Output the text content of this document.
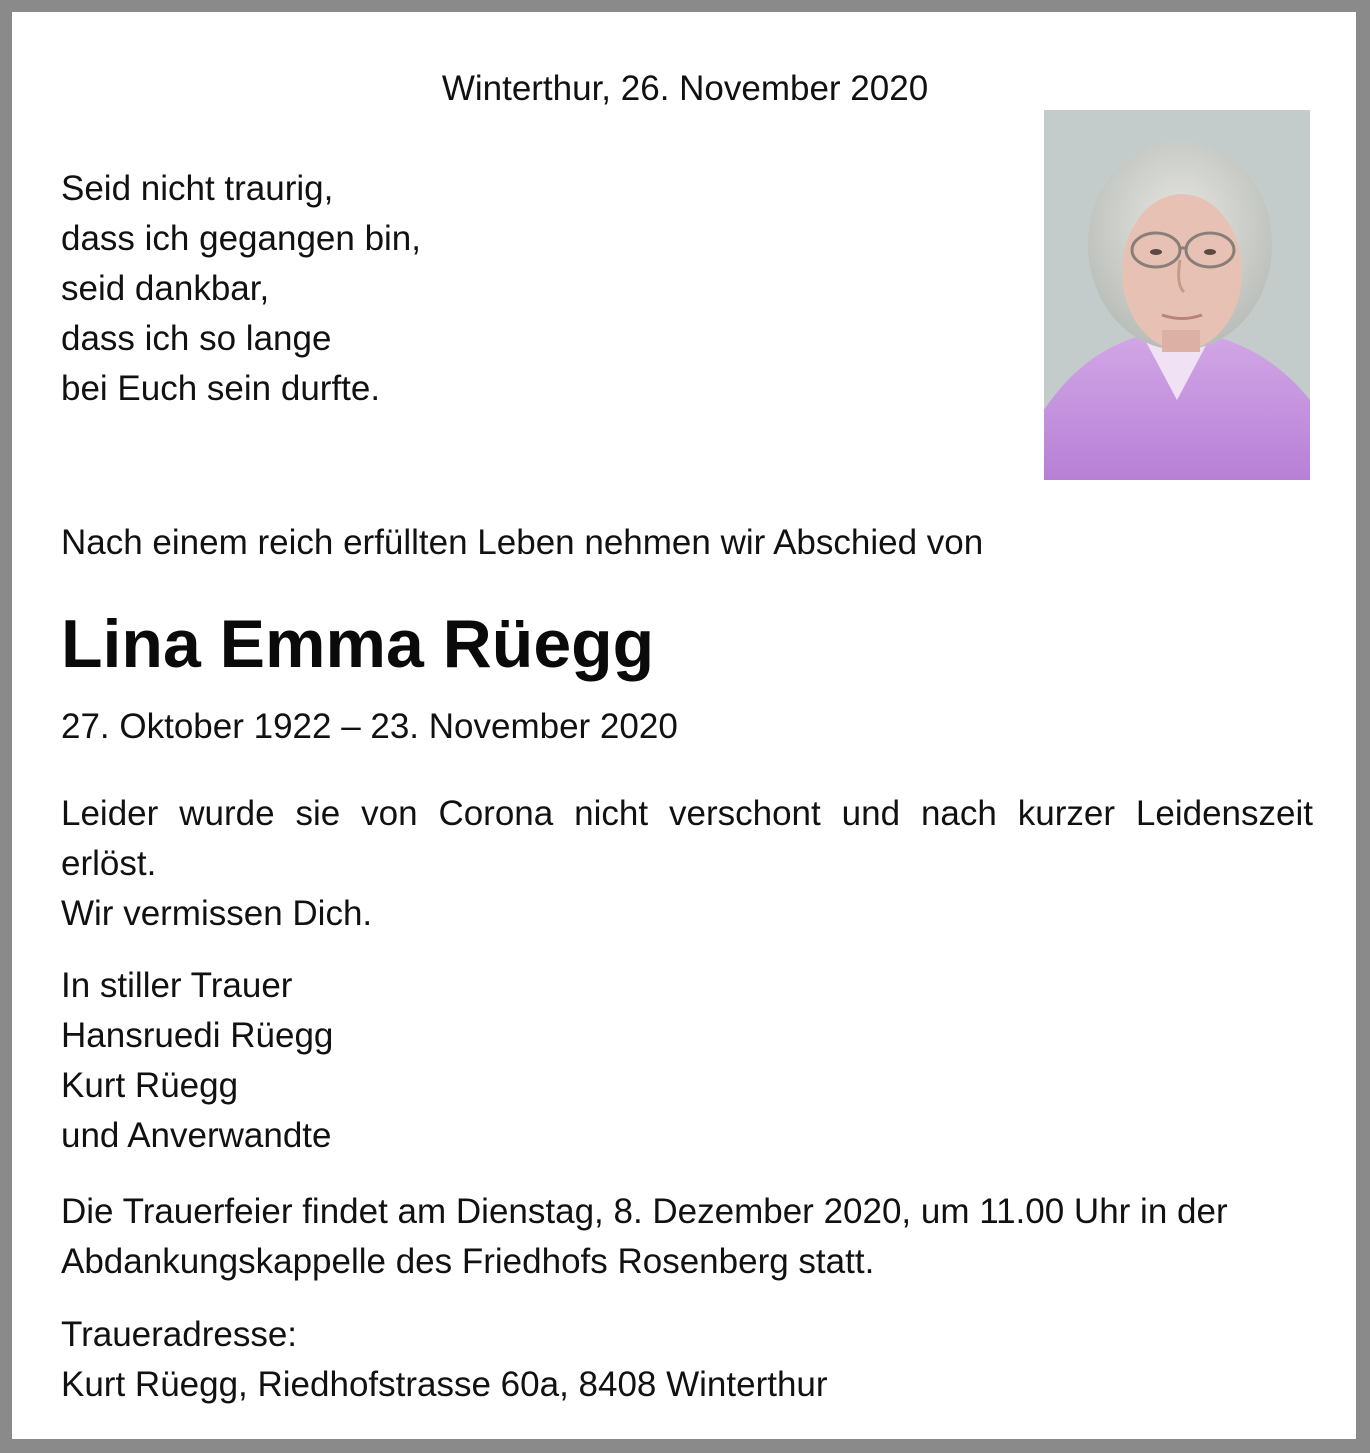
Winterthur, 26. November 2020
Seid nicht traurig,
dass ich gegangen bin,
seid dankbar,
dass ich so lange
bei Euch sein durfte.
Nach einem reich erfüllten Leben nehmen wir Abschied von
Lina Emma Rüegg
27. Oktober 1922 – 23. November 2020
Leider wurde sie von Corona nicht verschont und nach kurzer Leidenszeit
erlöst.
Wir vermissen Dich.
In stiller Trauer
Hansruedi Rüegg
Kurt Rüegg
und Anverwandte
Die Trauerfeier findet am Dienstag, 8. Dezember 2020, um 11.00 Uhr in der
Abdankungskappelle des Friedhofs Rosenberg statt.
Traueradresse:
Kurt Rüegg, Riedhofstrasse 60a, 8408 Winterthur
